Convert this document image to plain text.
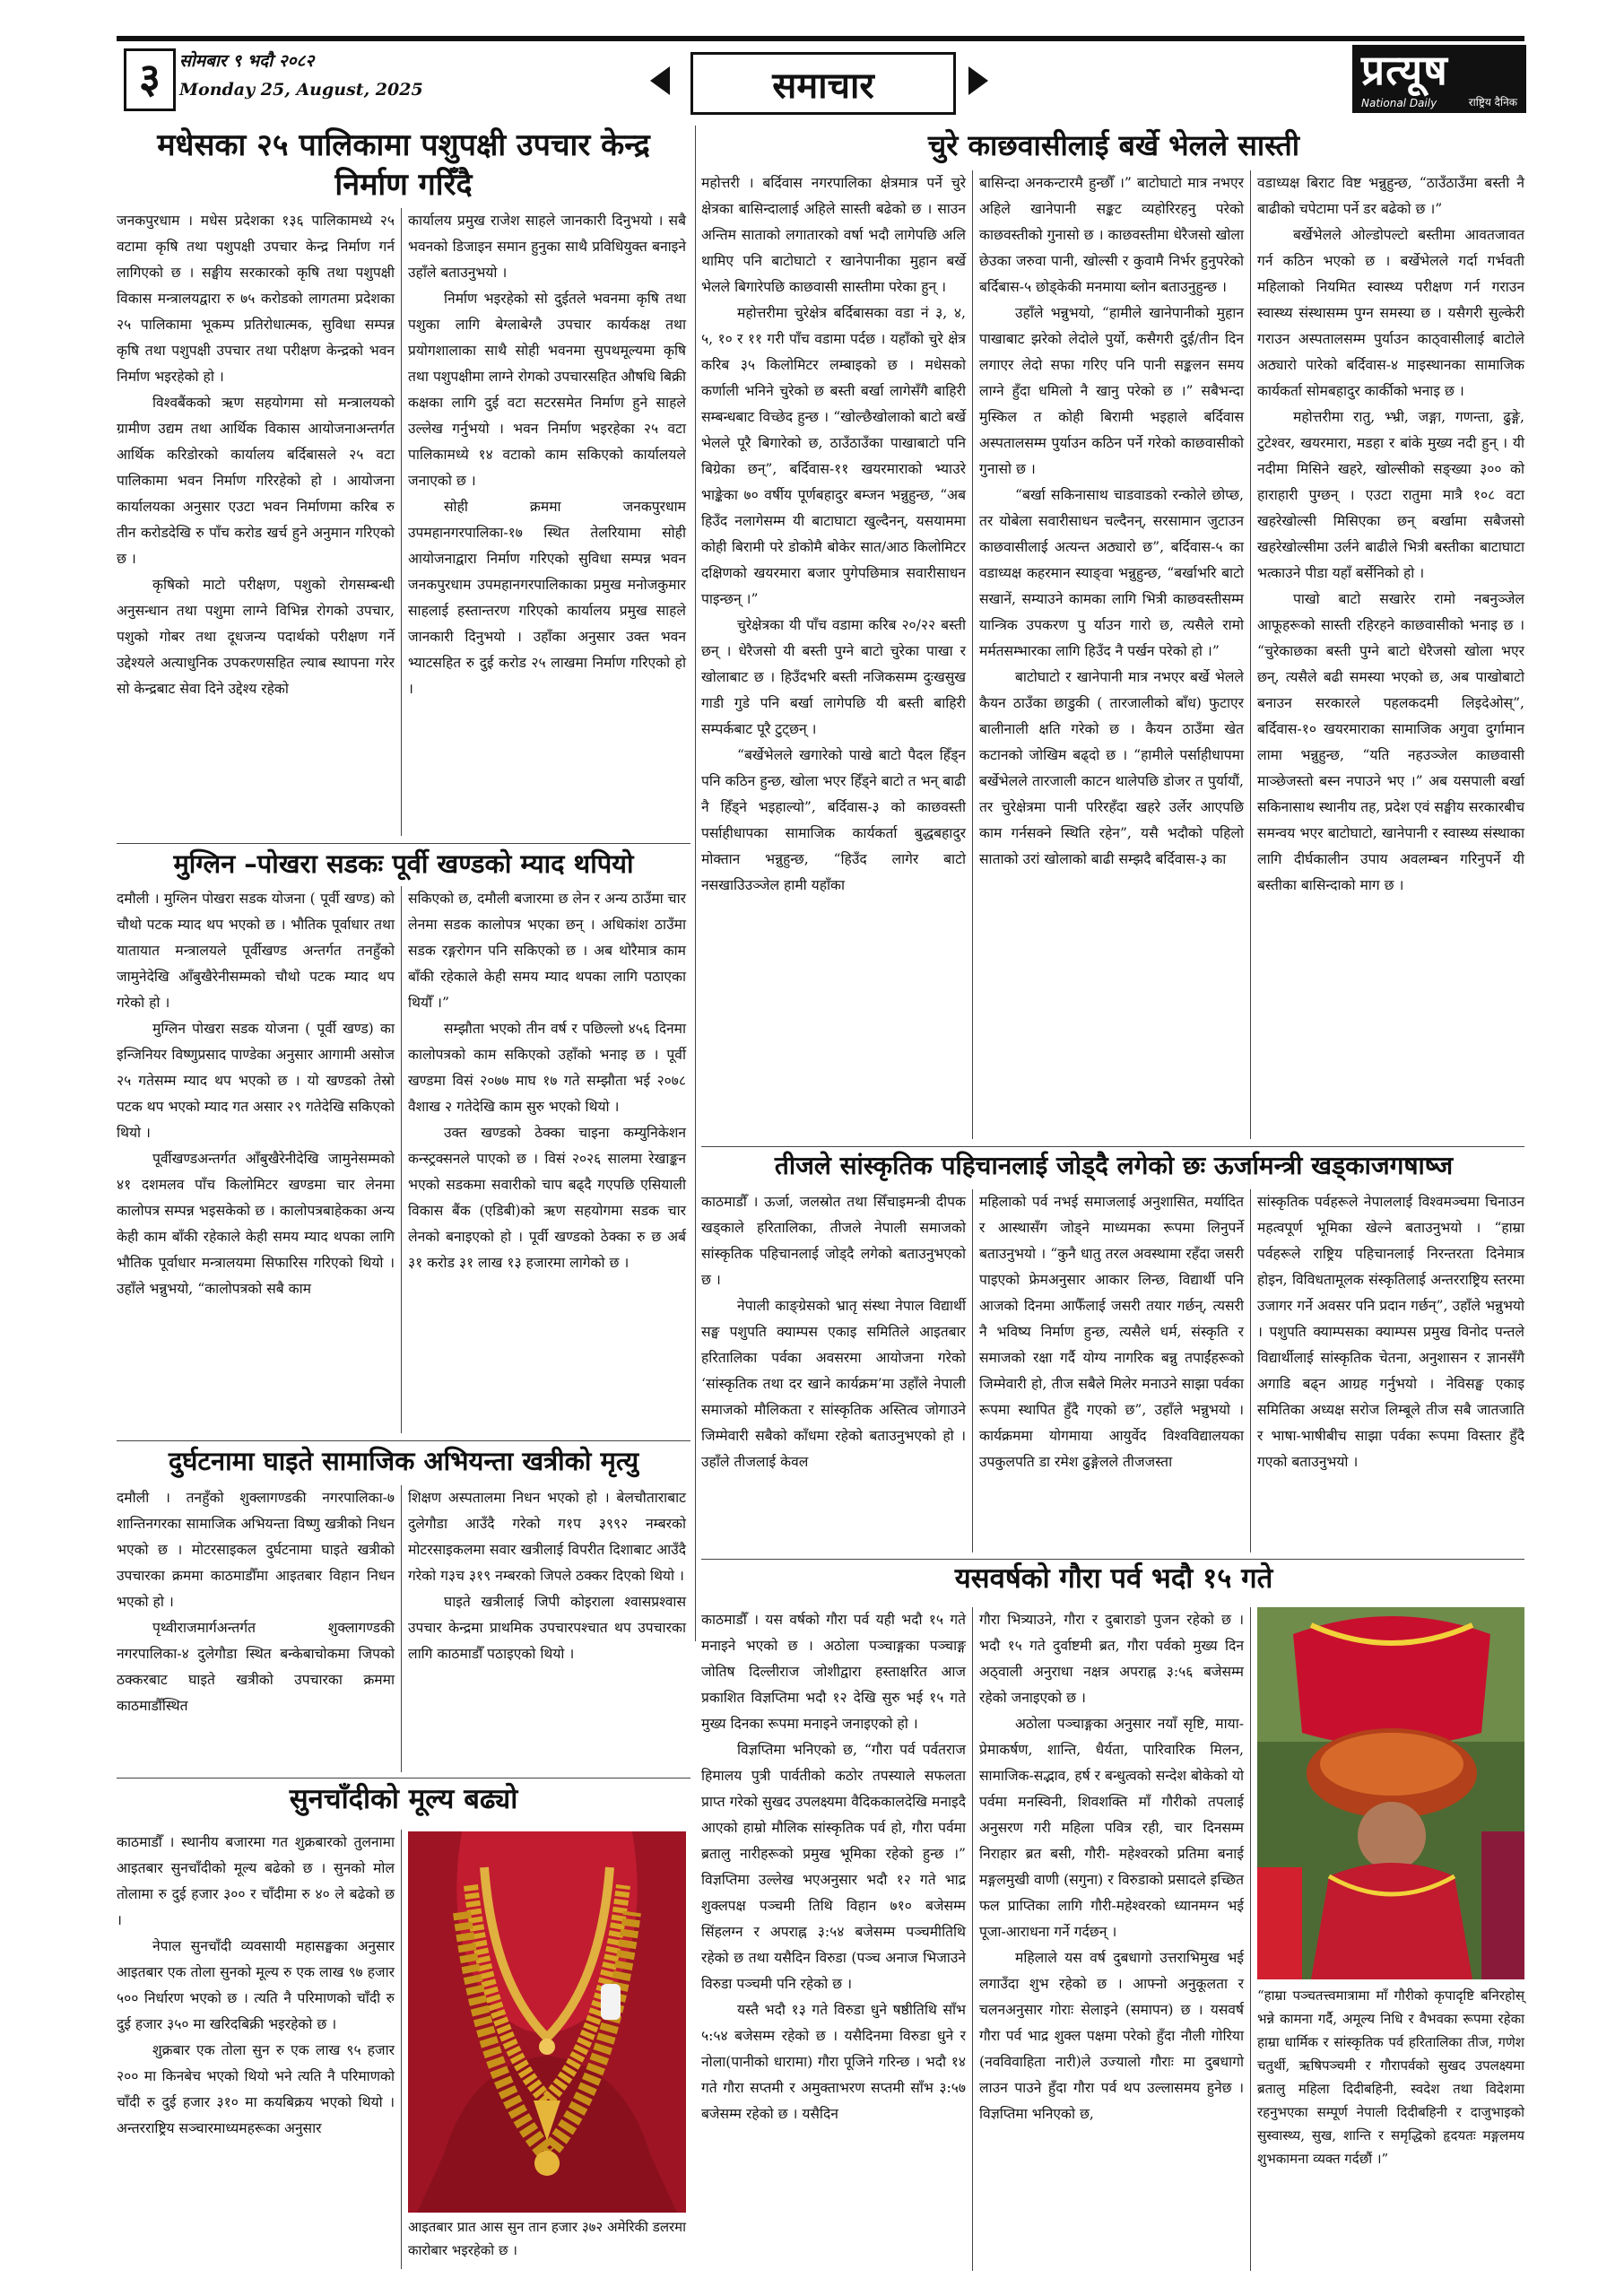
३	सोमबार ९ भदौ २०८२
Monday 25, August, 2025	समाचार	प्रत्यूष
National Daily	राष्ट्रिय दैनिक
मधेसका २५ पालिकामा पशुपक्षी उपचार केन्द्र
निर्माण गरिँदै

जनकपुरधाम । मधेस प्रदेशका १३६ पालिकामध्ये २५ वटामा कृषि तथा पशुपक्षी उपचार केन्द्र निर्माण गर्न लागिएको छ । सङ्घीय सरकारको कृषि तथा पशुपक्षी विकास मन्त्रालयद्वारा रु ७५ करोडको लागतमा प्रदेशका २५ पालिकामा भूकम्प प्रतिरोधात्मक, सुविधा सम्पन्न कृषि तथा पशुपक्षी उपचार तथा परीक्षण केन्द्रको भवन निर्माण भइरहेको हो ।

विश्वबैंकको ऋण सहयोगमा सो मन्त्रालयको ग्रामीण उद्यम तथा आर्थिक विकास आयोजनाअन्तर्गत आर्थिक करिडोरको कार्यालय बर्दिबासले २५ वटा पालिकामा भवन निर्माण गरिरहेको हो । आयोजना कार्यालयका अनुसार एउटा भवन निर्माणमा करिब रु तीन करोडदेखि रु पाँच करोड खर्च हुने अनुमान गरिएको छ ।

कृषिको माटो परीक्षण, पशुको रोगसम्बन्धी अनुसन्धान तथा पशुमा लाग्ने विभिन्न रोगको उपचार, पशुको गोबर तथा दूधजन्य पदार्थको परीक्षण गर्ने उद्देश्यले अत्याधुनिक उपकरणसहित ल्याब स्थापना गरेर सो केन्द्रबाट सेवा दिने उद्देश्य रहेको

कार्यालय प्रमुख राजेश साहले जानकारी दिनुभयो । सबै भवनको डिजाइन समान हुनुका साथै प्रविधियुक्त बनाइने उहाँले बताउनुभयो ।

निर्माण भइरहेको सो दुईतले भवनमा कृषि तथा पशुका लागि बेग्लाबेग्लै उपचार कार्यकक्ष तथा प्रयोगशालाका साथै सोही भवनमा सुपथमूल्यमा कृषि तथा पशुपक्षीमा लाग्ने रोगको उपचारसहित औषधि बिक्री कक्षका लागि दुई वटा सटरसमेत निर्माण हुने साहले उल्लेख गर्नुभयो । भवन निर्माण भइरहेका २५ वटा पालिकामध्ये १४ वटाको काम सकिएको कार्यालयले जनाएको छ ।

सोही क्रममा जनकपुरधाम उपमहानगरपालिका-१७ स्थित तेलरियामा सोही आयोजनाद्वारा निर्माण गरिएको सुविधा सम्पन्न भवन जनकपुरधाम उपमहानगरपालिकाका प्रमुख मनोजकुमार साहलाई हस्तान्तरण गरिएको कार्यालय प्रमुख साहले जानकारी दिनुभयो । उहाँका अनुसार उक्त भवन भ्याटसहित रु दुई करोड २५ लाखमा निर्माण गरिएको हो ।

मुग्लिन –पोखरा सडकः पूर्वी खण्डको म्याद थपियो

दमौली । मुग्लिन पोखरा सडक योजना ( पूर्वी खण्ड) को चौथो पटक म्याद थप भएको छ । भौतिक पूर्वाधार तथा यातायात मन्त्रालयले पूर्वीखण्ड अन्तर्गत तनहुँको जामुनेदेखि आँबुखैरेनीसम्मको चौथो पटक म्याद थप गरेको हो ।

मुग्लिन पोखरा सडक योजना ( पूर्वी खण्ड) का इन्जिनियर विष्णुप्रसाद पाण्डेका अनुसार आगामी असोज २५ गतेसम्म म्याद थप भएको छ । यो खण्डको तेस्रो पटक थप भएको म्याद गत असार २९ गतेदेखि सकिएको थियो ।

पूर्वीखण्डअन्तर्गत आँबुखैरेनीदेखि जामुनेसम्मको ४१ दशमलव पाँच किलोमिटर खण्डमा चार लेनमा कालोपत्र सम्पन्न भइसकेको छ । कालोपत्रबाहेकका अन्य केही काम बाँकी रहेकाले केही समय म्याद थपका लागि भौतिक पूर्वाधार मन्त्रालयमा सिफारिस गरिएको थियो । उहाँले भन्नुभयो, “कालोपत्रको सबै काम

सकिएको छ, दमौली बजारमा छ लेन र अन्य ठाउँमा चार लेनमा सडक कालोपत्र भएका छन् । अधिकांश ठाउँमा सडक रङ्गरोगन पनि सकिएको छ । अब थोरैमात्र काम बाँकी रहेकाले केही समय म्याद थपका लागि पठाएका थियौँ ।”

सम्झौता भएको तीन वर्ष र पछिल्लो ४५६ दिनमा कालोपत्रको काम सकिएको उहाँको भनाइ छ । पूर्वी खण्डमा विसं २०७७ माघ १७ गते सम्झौता भई २०७८ वैशाख २ गतेदेखि काम सुरु भएको थियो ।

उक्त खण्डको ठेक्का चाइना कम्युनिकेशन कन्स्ट्रक्सनले पाएको छ । विसं २०२६ सालमा रेखाङ्कन भएको सडकमा सवारीको चाप बढ्दै गएपछि एसियाली विकास बैंक (एडिबी)को ऋण सहयोगमा सडक चार लेनको बनाइएको हो । पूर्वी खण्डको ठेक्का रु छ अर्ब ३१ करोड ३१ लाख १३ हजारमा लागेको छ ।

दुर्घटनामा घाइते सामाजिक अभियन्ता खत्रीको मृत्यु

दमौली । तनहुँको शुक्लागण्डकी नगरपालिका-७ शान्तिनगरका सामाजिक अभियन्ता विष्णु खत्रीको निधन भएको छ । मोटरसाइकल दुर्घटनामा घाइते खत्रीको उपचारका क्रममा काठमाडौँमा आइतबार विहान निधन भएको हो ।

पृथ्वीराजमार्गअन्तर्गत शुक्लागण्डकी नगरपालिका-४ दुलेगौडा स्थित बन्केबाचोकमा जिपको ठक्करबाट घाइते खत्रीको उपचारका क्रममा काठमाडौँस्थित

शिक्षण अस्पतालमा निधन भएको हो । बेलचौताराबाट दुलेगौडा आउँदै गरेको ग१प ३९९२ नम्बरको मोटरसाइकलमा सवार खत्रीलाई विपरीत दिशाबाट आउँदै गरेको ग३च ३१९ नम्बरको जिपले ठक्कर दिएको थियो ।

घाइते खत्रीलाई जिपी कोइराला श्वासप्रश्वास उपचार केन्द्रमा प्राथमिक उपचारपश्चात थप उपचारका लागि काठमाडौँ पठाइएको थियो ।

सुनचाँदीको मूल्य बढ्यो

काठमाडौँ । स्थानीय बजारमा गत शुक्रबारको तुलनामा आइतबार सुनचाँदीको मूल्य बढेको छ । सुनको मोल तोलामा रु दुई हजार ३०० र चाँदीमा रु ४० ले बढेको छ ।

नेपाल सुनचाँदी व्यवसायी महासङ्घका अनुसार आइतबार एक तोला सुनको मूल्य रु एक लाख ९७ हजार ५०० निर्धारण भएको छ । त्यति नै परिमाणको चाँदी रु दुई हजार ३५० मा खरिदबिक्री भइरहेको छ ।

शुक्रबार एक तोला सुन रु एक लाख ९५ हजार २०० मा किनबेच भएको थियो भने त्यति नै परिमाणको चाँदी रु दुई हजार ३१० मा कयबिक्रय भएको थियो । अन्तरराष्ट्रिय सञ्चारमाध्यमहरूका अनुसार

आइतबार प्रात आस सुन तान हजार ३७२ अमेरिकी डलरमा कारोबार भइरहेको छ ।
चुरे काछवासीलाई बर्खे भेलले सास्ती

महोत्तरी । बर्दिवास नगरपालिका क्षेत्रमात्र पर्ने चुरे क्षेत्रका बासिन्दालाई अहिले सास्ती बढेको छ । साउन अन्तिम साताको लगातारको वर्षा भदौ लागेपछि अलि थामिए पनि बाटोघाटो र खानेपानीका मुहान बर्खे भेलले बिगारेपछि काछवासी सास्तीमा परेका हुन् ।

महोत्तरीमा चुरेक्षेत्र बर्दिबासका वडा नं ३, ४, ५, १० र ११ गरी पाँच वडामा पर्दछ । यहाँको चुरे क्षेत्र करिब ३५ किलोमिटर लम्बाइको छ । मधेसको कर्णाली भनिने चुरेको छ बस्ती बर्खा लागेसँगै बाहिरी सम्बन्धबाट विच्छेद हुन्छ । “खोल्छैखोलाको बाटो बर्खे भेलले पूरै बिगारेको छ, ठाउँठाउँका पाखाबाटो पनि बिग्रेका छन्”, बर्दिवास-११ खयरमाराको भ्याउरे भाङ्केका ७० वर्षीय पूर्णबहादुर बम्जन भन्नुहुन्छ, “अब हिउँद नलागेसम्म यी बाटाघाटा खुल्दैनन्, यसयाममा कोही बिरामी परे डोकोमै बोकेर सात/आठ किलोमिटर दक्षिणको खयरमारा बजार पुगेपछिमात्र सवारीसाधन पाइन्छन् ।”

चुरेक्षेत्रका यी पाँच वडामा करिब २०/२२ बस्ती छन् । धेरैजसो यी बस्ती पुग्ने बाटो चुरेका पाखा र खोलाबाट छ । हिउँदभरि बस्ती नजिकसम्म दुःखसुख गाडी गुडे पनि बर्खा लागेपछि यी बस्ती बाहिरी सम्पर्कबाट पूरै टुट्छन् ।

“बर्खेभेलले खगारेको पाखे बाटो पैदल हिँड्न पनि कठिन हुन्छ, खोला भएर हिँड्ने बाटो त भन् बाढी नै हिँड्ने भइहाल्यो”, बर्दिवास-३ को काछवस्ती पर्साहीधापका सामाजिक कार्यकर्ता बुद्धबहादुर मोक्तान भन्नुहुन्छ, “हिउँद लागेर बाटो नसखाउिउञ्जेल हामी यहाँका

बासिन्दा अनकन्टारमै हुन्छौँ ।” बाटोघाटो मात्र नभएर अहिले खानेपानी सङ्कट व्यहोरिरहनु परेको काछवस्तीको गुनासो छ । काछवस्तीमा धेरैजसो खोला छेउका जरुवा पानी, खोल्सी र कुवामै निर्भर हुनुपरेको बर्दिबास-५ छोड्केकी मनमाया ब्लोन बताउनुहुन्छ ।

उहाँले भन्नुभयो, “हामीले खानेपानीको मुहान पाखाबाट झरेको लेदोले पुर्यो, कसैगरी दुई/तीन दिन लगाएर लेदो सफा गरिए पनि पानी सङ्कलन समय लाग्ने हुँदा धमिलो नै खानु परेको छ ।” सबैभन्दा मुस्किल त कोही बिरामी भइहाले बर्दिवास अस्पतालसम्म पुर्याउन कठिन पर्ने गरेको काछवासीको गुनासो छ ।

“बर्खा सकिनासाथ चाडवाडको रन्कोले छोप्छ, तर योबेला सवारीसाधन चल्दैनन्, सरसामान जुटाउन काछवासीलाई अत्यन्त अठ्यारो छ”, बर्दिवास-५ का वडाध्यक्ष कहरमान स्याङ्वा भन्नुहुन्छ, “बर्खाभरि बाटो सखानें, सम्याउने कामका लागि भित्री काछवस्तीसम्म यान्त्रिक उपकरण पु र्याउन गारो छ, त्यसैले रामो मर्मतसम्भारका लागि हिउँद नै पर्खन परेको हो ।”

बाटोघाटो र खानेपानी मात्र नभएर बर्खे भेलले कैयन ठाउँका छाडुकी ( तारजालीको बाँध) फुटाएर बालीनाली क्षति गरेको छ । कैयन ठाउँमा खेत कटानको जोखिम बढ्दो छ । “हामीले पर्साहीधापमा बर्खेभेलले तारजाली काटन थालेपछि डोजर त पुर्यायौं, तर चुरेक्षेत्रमा पानी परिरहँदा खहरे उर्लेर आएपछि काम गर्नसक्ने स्थिति रहेन”, यसै भदौको पहिलो साताको उरां खोलाको बाढी सम्झदै बर्दिवास-३ का

वडाध्यक्ष बिराट विष्ट भन्नुहुन्छ, “ठाउँठाउँमा बस्ती नै बाढीको चपेटामा पर्ने डर बढेको छ ।”

बर्खेभेलले ओल्डोपल्टो बस्तीमा आवतजावत गर्न कठिन भएको छ । बर्खेभेलले गर्दा गर्भवती महिलाको नियमित स्वास्थ्य परीक्षण गर्न गराउन स्वास्थ्य संस्थासम्म पुग्न समस्या छ । यसैगरी सुल्केरी गराउन अस्पतालसम्म पुर्याउन काठ्वासीलाई बाटोले अठ्यारो पारेको बर्दिवास-४ माइस्थानका सामाजिक कार्यकर्ता सोमबहादुर कार्कीको भनाइ छ ।

महोत्तरीमा रातु, भ्भ्री, जङ्गा, गणन्ता, ढुङ्गे, टुटेश्वर, खयरमारा, मडहा र बांके मुख्य नदी हुन् । यी नदीमा मिसिने खहरे, खोल्सीको सङ्ख्या ३०० को हाराहारी पुग्छन् । एउटा रातुमा मात्रै १०८ वटा खहरेखोल्सी मिसिएका छन् बर्खामा सबैजसो खहरेखोल्सीमा उर्लने बाढीले भित्री बस्तीका बाटाघाटा भत्काउने पीडा यहाँ बर्सेनिको हो ।

पाखो बाटो सखारेर रामो नबनुञ्जेल आफूहरूको सास्ती रहिरहने काछवासीको भनाइ छ । “चुरेकाछका बस्ती पुग्ने बाटो धेरैजसो खोला भएर छन्, त्यसैले बढी समस्या भएको छ, अब पाखोबाटो बनाउन सरकारले पहलकदमी लिइदेओस्”, बर्दिवास-१० खयरमाराका सामाजिक अगुवा दुर्गामान लामा भन्नुहुन्छ, “यति नहउञ्जेल काछवासी माञ्छेजस्तो बस्न नपाउने भए ।” अब यसपाली बर्खा सकिनासाथ स्थानीय तह, प्रदेश एवं सङ्घीय सरकारबीच समन्वय भएर बाटोघाटो, खानेपानी र स्वास्थ्य संस्थाका लागि दीर्घकालीन उपाय अवलम्बन गरिनुपर्ने यी बस्तीका बासिन्दाको माग छ ।

तीजले सांस्कृतिक पहिचानलाई जोड्दै लगेको छः ऊर्जामन्त्री खड्काजगषाष्ज

काठमाडौँ । ऊर्जा, जलस्रोत तथा सिँचाइमन्त्री दीपक खड्काले हरितालिका, तीजले नेपाली समाजको सांस्कृतिक पहिचानलाई जोड्दै लगेको बताउनुभएको छ ।

नेपाली काङ्ग्रेसको भ्रातृ संस्था नेपाल विद्यार्थी सङ्घ पशुपति क्याम्पस एकाइ समितिले आइतबार हरितालिका पर्वका अवसरमा आयोजना गरेको ‘सांस्कृतिक तथा दर खाने कार्यक्रम’मा उहाँले नेपाली समाजको मौलिकता र सांस्कृतिक अस्तित्व जोगाउने जिम्मेवारी सबैको काँधमा रहेको बताउनुभएको हो । उहाँले तीजलाई केवल

महिलाको पर्व नभई समाजलाई अनुशासित, मर्यादित र आस्थासँग जोड्ने माध्यमका रूपमा लिनुपर्ने बताउनुभयो । “कुनै धातु तरल अवस्थामा रहँदा जसरी पाइएको फ्रेमअनुसार आकार लिन्छ, विद्यार्थी पनि आजको दिनमा आफैँलाई जसरी तयार गर्छन्, त्यसरी नै भविष्य निर्माण हुन्छ, त्यसैले धर्म, संस्कृति र समाजको रक्षा गर्दै योग्य नागरिक बन्नु तपाईंहरूको जिम्मेवारी हो, तीज सबैले मिलेर मनाउने साझा पर्वका रूपमा स्थापित हुँदै गएको छ”, उहाँले भन्नुभयो । कार्यक्रममा योगमाया आयुर्वेद विश्वविद्यालयका उपकुलपति डा रमेश ढुङ्गेलले तीजजस्ता

सांस्कृतिक पर्वहरूले नेपाललाई विश्वमञ्चमा चिनाउन महत्वपूर्ण भूमिका खेल्ने बताउनुभयो । “हाम्रा पर्वहरूले राष्ट्रिय पहिचानलाई निरन्तरता दिनेमात्र होइन, विविधतामूलक संस्कृतिलाई अन्तरराष्ट्रिय स्तरमा उजागर गर्ने अवसर पनि प्रदान गर्छन्”, उहाँले भन्नुभयो । पशुपति क्याम्पसका क्याम्पस प्रमुख विनोद पन्तले विद्यार्थीलाई सांस्कृतिक चेतना, अनुशासन र ज्ञानसँगै अगाडि बढ्न आग्रह गर्नुभयो । नेविसङ्घ एकाइ समितिका अध्यक्ष सरोज लिम्बूले तीज सबै जातजाति र भाषा-भाषीबीच साझा पर्वका रूपमा विस्तार हुँदै गएको बताउनुभयो ।

यसवर्षको गौरा पर्व भदौ १५ गते

काठमाडौँ । यस वर्षको गौरा पर्व यही भदौ १५ गते मनाइने भएको छ । अठोला पञ्चाङ्गका पञ्चाङ्ग जोतिष दिल्लीराज जोशीद्वारा हस्ताक्षरित आज प्रकाशित विज्ञप्तिमा भदौ १२ देखि सुरु भई १५ गते मुख्य दिनका रूपमा मनाइने जनाइएको हो ।

विज्ञप्तिमा भनिएको छ, “गौरा पर्व पर्वतराज हिमालय पुत्री पार्वतीको कठोर तपस्याले सफलता प्राप्त गरेको सुखद उपलक्ष्यमा वैदिककालदेखि मनाइदै आएको हाम्रो मौलिक सांस्कृतिक पर्व हो, गौरा पर्वमा ब्रतालु नारीहरूको प्रमुख भूमिका रहेको हुन्छ ।” विज्ञप्तिमा उल्लेख भएअनुसार भदौ १२ गते भाद्र शुक्लपक्ष पञ्चमी तिथि विहान ७१० बजेसम्म सिंहलग्न र अपराह्न ३:५४ बजेसम्म पञ्चमीतिथि रहेको छ तथा यसैदिन विरुडा (पञ्च अनाज भिजाउने विरुडा पञ्चमी पनि रहेको छ ।

यस्तै भदौ १३ गते विरुडा धुने षष्ठीतिथि साँभ ५:५४ बजेसम्म रहेको छ । यसैदिनमा विरुडा धुने र नोला(पानीको धारामा) गौरा पूजिने गरिन्छ । भदौ १४ गते गौरा सप्तमी र अमुक्ताभरण सप्तमी साँभ ३:५७ बजेसम्म रहेको छ । यसैदिन

गौरा भित्र्याउने, गौरा र दुबाराङो पुजन रहेको छ । भदौ १५ गते दुर्वाष्टमी ब्रत, गौरा पर्वको मुख्य दिन अठ्वाली अनुराधा नक्षत्र अपराह्न ३:५६ बजेसम्म रहेको जनाइएको छ ।

अठोला पञ्चाङ्गका अनुसार नयाँ सृष्टि, माया-प्रेमाकर्षण, शान्ति, धैर्यता, पारिवारिक मिलन, सामाजिक-सद्भाव, हर्ष र बन्धुत्वको सन्देश बोकेको यो पर्वमा मनस्विनी, शिवशक्ति माँ गौरीको तपलाई अनुसरण गरी महिला पवित्र रही, चार दिनसम्म निराहार ब्रत बसी, गौरी- महेश्वरको प्रतिमा बनाई मङ्गलमुखी वाणी (सगुना) र विरुडाको प्रसादले इच्छित फल प्राप्तिका लागि गौरी-महेश्वरको ध्यानमग्न भई पूजा-आराधना गर्ने गर्दछन् ।

महिलाले यस वर्ष दुबधागो उत्तराभिमुख भई लगाउँदा शुभ रहेको छ । आफ्नो अनुकूलता र चलनअनुसार गोराः सेलाइने (समापन) छ । यसवर्ष गौरा पर्व भाद्र शुक्ल पक्षमा परेको हुँदा नौली गोरिया (नवविवाहिता नारी)ले उज्यालो गौराः मा दुबधागो लाउन पाउने हुँदा गौरा पर्व थप उल्लासमय हुनेछ । विज्ञप्तिमा भनिएको छ,

“हाम्रा पञ्चतत्त्वमात्रामा माँ गौरीको कृपादृष्टि बनिरहोस् भन्ने कामना गर्दै, अमूल्य निधि र वैभवका रूपमा रहेका हाम्रा धार्मिक र सांस्कृतिक पर्व हरितालिका तीज, गणेश चतुर्थी, ऋषिपञ्चमी र गौरापर्वको सुखद उपलक्ष्यमा ब्रतालु महिला दिदीबहिनी, स्वदेश तथा विदेशमा रहनुभएका सम्पूर्ण नेपाली दिदीबहिनी र दाजुभाइको सुस्वास्थ्य, सुख, शान्ति र समृद्धिको हृदयतः मङ्गलमय शुभकामना व्यक्त गर्दछौं ।”
